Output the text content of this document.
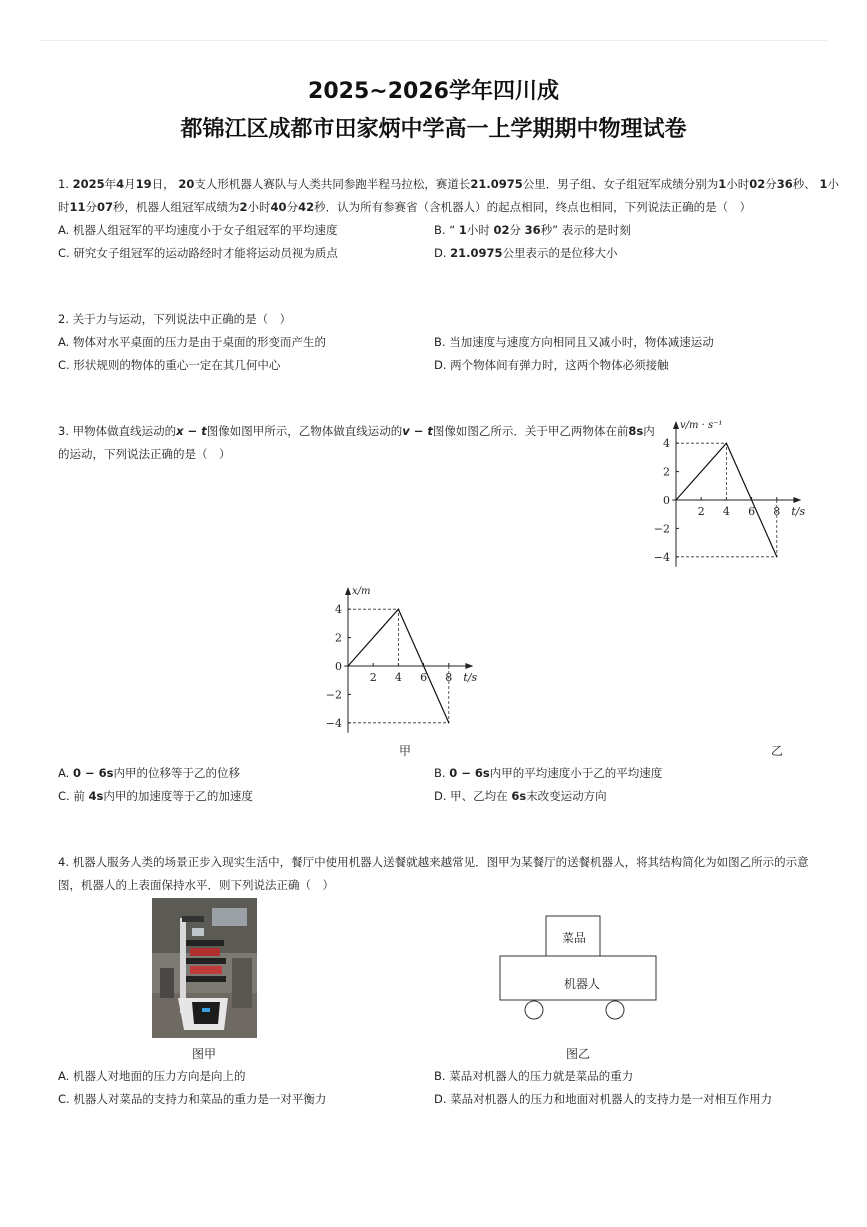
2025~2026学年四川成
都锦江区成都市田家炳中学高一上学期期中物理试卷
1. 2025年4月19日， 20支人形机器人赛队与人类共同参跑半程马拉松，赛道长21.0975公里．男子组、女子组冠军成绩分别为1小时02分36秒、 1小
时11分07秒，机器人组冠军成绩为2小时40分42秒．认为所有参赛省（含机器人）的起点相同，终点也相同，下列说法正确的是（　）
A. 机器人组冠军的平均速度小于女子组冠军的平均速度	B. “ 1小时 02分 36秒” 表示的是时刻
C. 研究女子组冠军的运动路经时才能将运动员视为质点	D. 21.0975公里表示的是位移大小
2. 关于力与运动，下列说法中正确的是（　）
A. 物体对水平桌面的压力是由于桌面的形变而产生的	B. 当加速度与速度方向相同且又减小时，物体减速运动
C. 形状规则的物体的重心一定在其几何中心	D. 两个物体间有弹力时，这两个物体必须接触
3. 甲物体做直线运动的x − t图像如图甲所示，乙物体做直线运动的v − t图像如图乙所示．关于甲乙两物体在前8s内
的运动，下列说法正确的是（　）
2 4 6 8
4
2
0
−2
−4
t/s
v/m · s⁻¹
2 4 6 8
4
2
0
−2
−4
t/s
x/m
甲	乙
A. 0 − 6s内甲的位移等于乙的位移	B. 0 − 6s内甲的平均速度小于乙的平均速度
C. 前 4s内甲的加速度等于乙的加速度	D. 甲、乙均在 6s末改变运动方向
4. 机器人服务人类的场景正步入现实生活中，餐厅中使用机器人送餐就越来越常见．图甲为某餐厅的送餐机器人，将其结构简化为如图乙所示的示意
图，机器人的上表面保持水平．则下列说法正确（　）
菜品
机器人
图甲	图乙
A. 机器人对地面的压力方向是向上的	B. 菜品对机器人的压力就是菜品的重力
C. 机器人对菜品的支持力和菜品的重力是一对平衡力	D. 菜品对机器人的压力和地面对机器人的支持力是一对相互作用力
